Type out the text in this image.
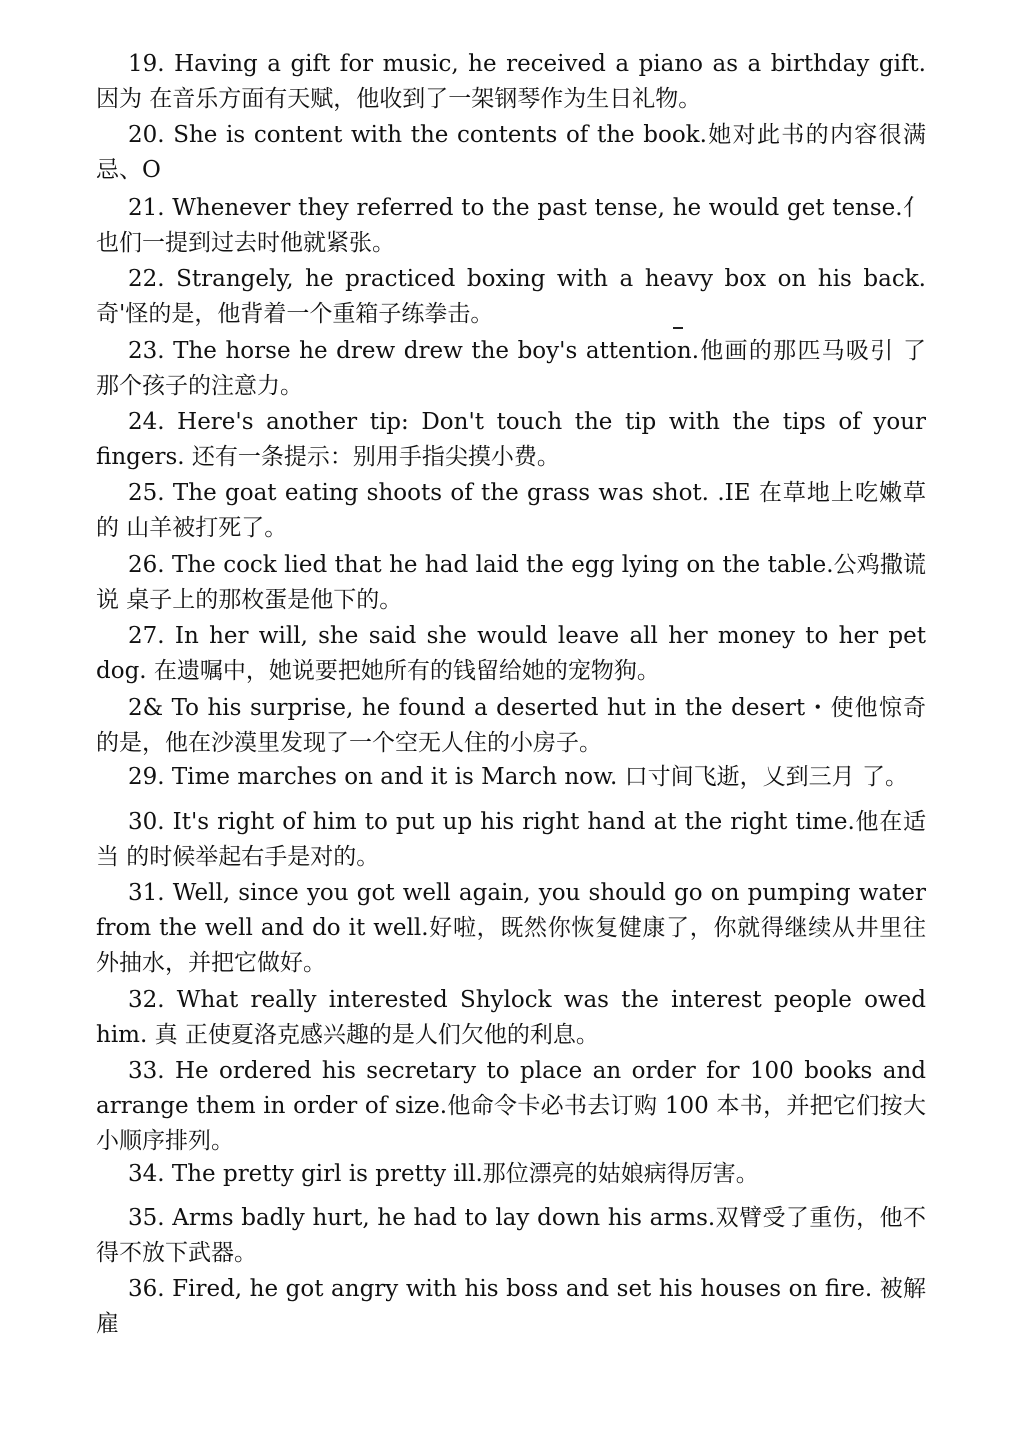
19. Having a gift for music, he received a piano as a birthday gift. 因为 在音乐方面有天赋，他收到了一架钢琴作为生日礼物。

20. She is content with the contents of the book.她对此书的内容很满 忌、O

21. Whenever they referred to the past tense, he would get tense.亻也们一提到过去时他就紧张。

22. Strangely, he practiced boxing with a heavy box on his back. 奇'怪的是，他背着一个重箱子练拳击。

23. The horse he drew drew the boy's attention.他画的那匹马吸引 了那个孩子的注意力。

24. Here's another tip: Don't touch the tip with the tips of your fingers. 还有一条提示：别用手指尖摸小费。

25. The goat eating shoots of the grass was shot. .IE 在草地上吃嫩草的 山羊被打死了。

26. The cock lied that he had laid the egg lying on the table.公鸡撒谎说 桌子上的那枚蛋是他下的。

27. In her will, she said she would leave all her money to her pet dog. 在遗嘱中，她说要把她所有的钱留给她的宠物狗。

2& To his surprise, he found a deserted hut in the desert・使他惊奇的是，他在沙漠里发现了一个空无人住的小房子。

29. Time marches on and it is March now. 口寸间飞逝，乂到三月 了。

30. It's right of him to put up his right hand at the right time.他在适当 的时候举起右手是对的。

31. Well, since you got well again, you should go on pumping water from the well and do it well.好啦，既然你恢复健康了，你就得继续从井里往 外抽水，并把它做好。

32. What really interested Shylock was the interest people owed him. 真 正使夏洛克感兴趣的是人们欠他的利息。

33. He ordered his secretary to place an order for 100 books and arrange them in order of size.他命令卡必书去订购 100 本书，并把它们按大小顺序排列。

34. The pretty girl is pretty ill.那位漂亮的姑娘病得厉害。

35. Arms badly hurt, he had to lay down his arms.双臂受了重伤，他不 得不放下武器。

36. Fired, he got angry with his boss and set his houses on fire. 被解雇
